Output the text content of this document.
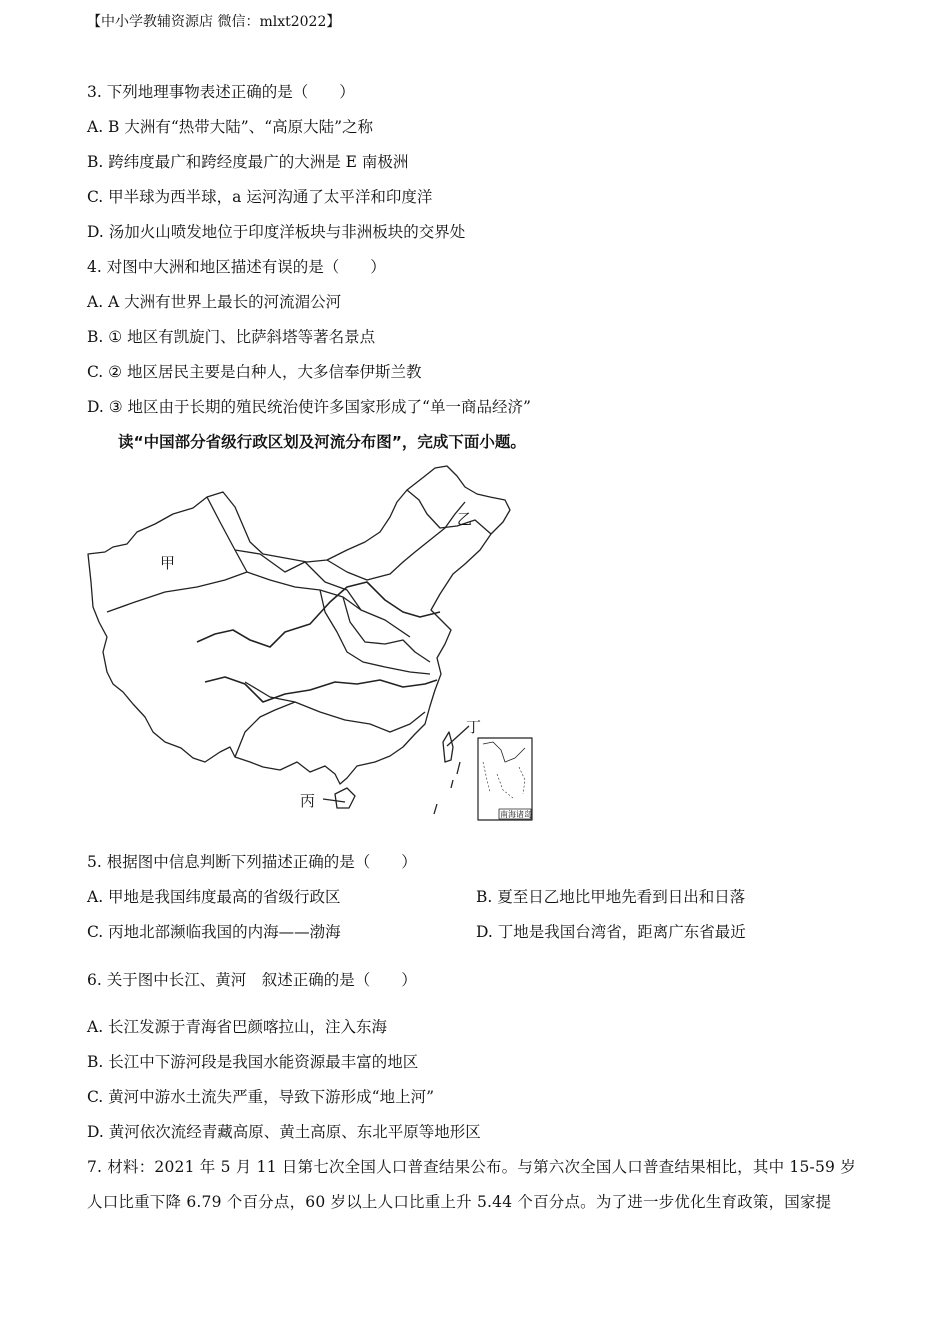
【中小学教辅资源店 微信：mlxt2022】
3. 下列地理事物表述正确的是（　　）
A. B 大洲有“热带大陆”、“高原大陆”之称
B. 跨纬度最广和跨经度最广的大洲是 E 南极洲
C. 甲半球为西半球，a 运河沟通了太平洋和印度洋
D. 汤加火山喷发地位于印度洋板块与非洲板块的交界处
4. 对图中大洲和地区描述有误的是（　　）
A. A 大洲有世界上最长的河流湄公河
B. ① 地区有凯旋门、比萨斜塔等著名景点
C. ② 地区居民主要是白种人，大多信奉伊斯兰教
D. ③ 地区由于长期的殖民统治使许多国家形成了“单一商品经济”
读“中国部分省级行政区划及河流分布图”，完成下面小题。
甲
乙
丙
丁
南海诸岛
5. 根据图中信息判断下列描述正确的是（　　）
A. 甲地是我国纬度最高的省级行政区	B. 夏至日乙地比甲地先看到日出和日落
C. 丙地北部濒临我国的内海——渤海	D. 丁地是我国台湾省，距离广东省最近
6. 关于图中长江、黄河　叙述正确的是（　　）
A. 长江发源于青海省巴颜喀拉山，注入东海
B. 长江中下游河段是我国水能资源最丰富的地区
C. 黄河中游水土流失严重，导致下游形成“地上河”
D. 黄河依次流经青藏高原、黄土高原、东北平原等地形区
7. 材料：2021 年 5 月 11 日第七次全国人口普查结果公布。与第六次全国人口普查结果相比，其中 15-59 岁人口比重下降 6.79 个百分点，60 岁以上人口比重上升 5.44 个百分点。为了进一步优化生育政策，国家提
